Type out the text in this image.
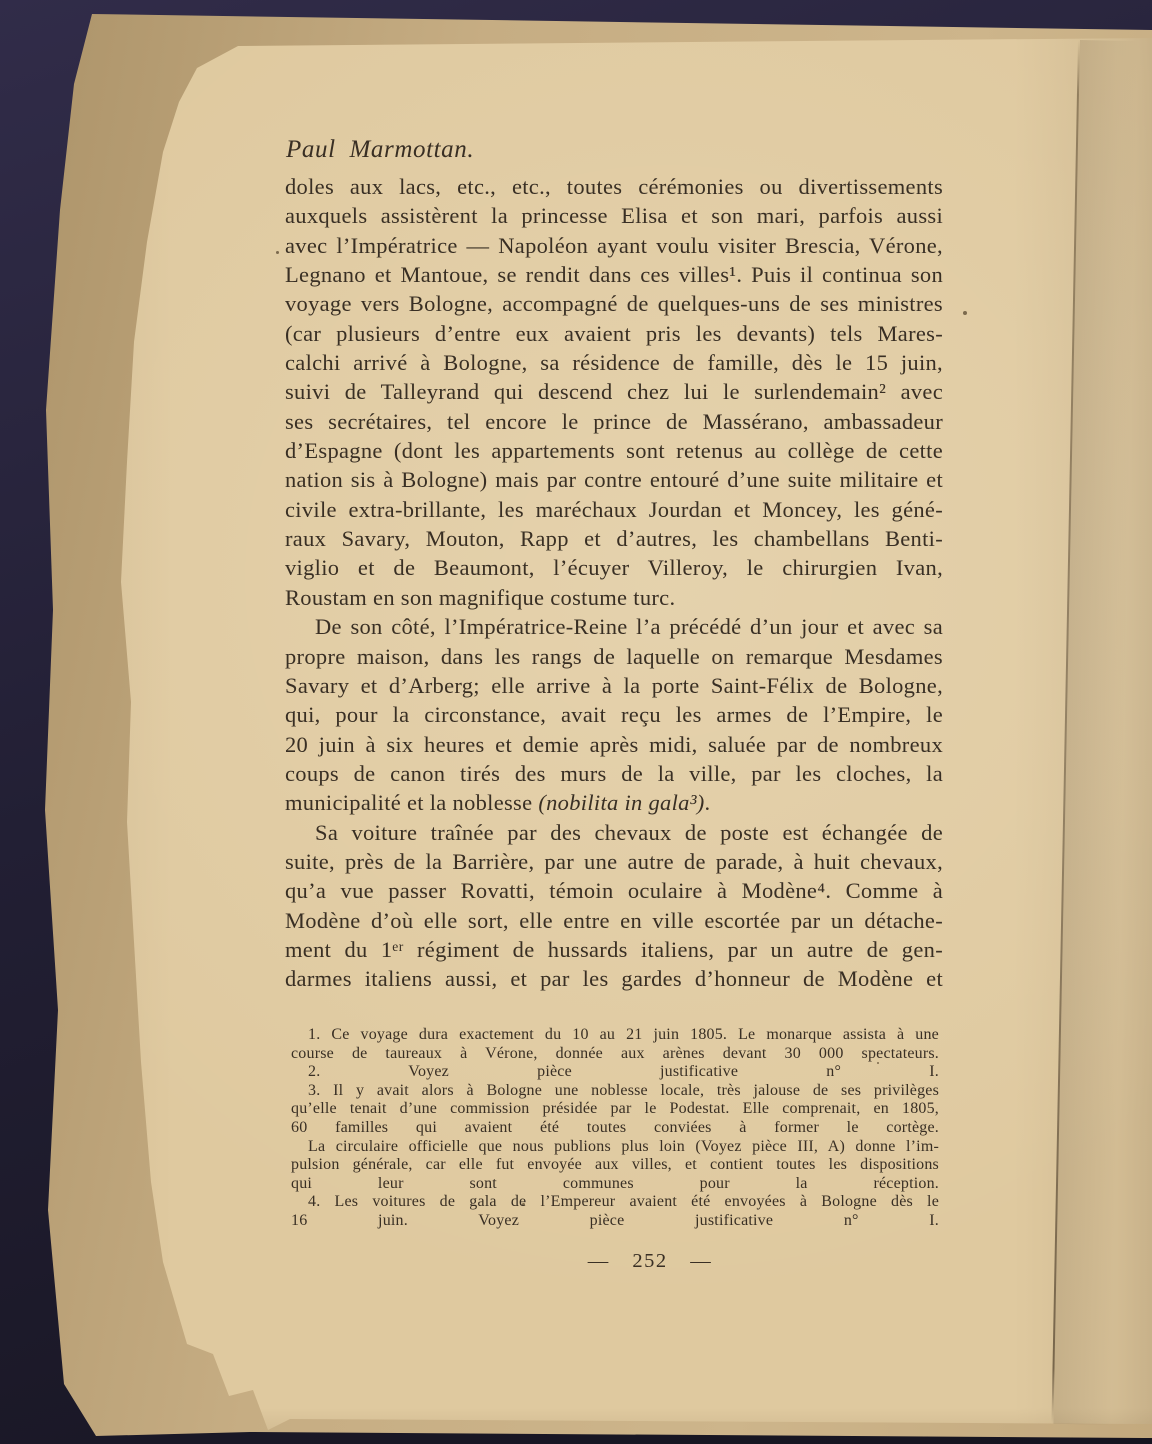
Paul Marmottan.
doles aux lacs, etc., etc., toutes cérémonies ou divertissements
auxquels assistèrent la princesse Elisa et son mari, parfois aussi
avec l’Impératrice — Napoléon ayant voulu visiter Brescia, Vérone,
Legnano et Mantoue, se rendit dans ces villes¹. Puis il continua son
voyage vers Bologne, accompagné de quelques-uns de ses ministres
(car plusieurs d’entre eux avaient pris les devants) tels Mares-
calchi arrivé à Bologne, sa résidence de famille, dès le 15 juin,
suivi de Talleyrand qui descend chez lui le surlendemain² avec
ses secrétaires, tel encore le prince de Massérano, ambassadeur
d’Espagne (dont les appartements sont retenus au collège de cette
nation sis à Bologne) mais par contre entouré d’une suite militaire et
civile extra-brillante, les maréchaux Jourdan et Moncey, les géné-
raux Savary, Mouton, Rapp et d’autres, les chambellans Benti-
viglio et de Beaumont, l’écuyer Villeroy, le chirurgien Ivan,
Roustam en son magnifique costume turc.
De son côté, l’Impératrice-Reine l’a précédé d’un jour et avec sa
propre maison, dans les rangs de laquelle on remarque Mesdames
Savary et d’Arberg; elle arrive à la porte Saint-Félix de Bologne,
qui, pour la circonstance, avait reçu les armes de l’Empire, le
20 juin à six heures et demie après midi, saluée par de nombreux
coups de canon tirés des murs de la ville, par les cloches, la
municipalité et la noblesse (nobilita in gala³).
Sa voiture traînée par des chevaux de poste est échangée de
suite, près de la Barrière, par une autre de parade, à huit chevaux,
qu’a vue passer Rovatti, témoin oculaire à Modène⁴. Comme à
Modène d’où elle sort, elle entre en ville escortée par un détache-
ment du 1ᵉʳ régiment de hussards italiens, par un autre de gen-
darmes italiens aussi, et par les gardes d’honneur de Modène et
1. Ce voyage dura exactement du 10 au 21 juin 1805. Le monarque assista à une
course de taureaux à Vérone, donnée aux arènes devant 30 000 spectateurs.
2. Voyez pièce justificative n° I.
3. Il y avait alors à Bologne une noblesse locale, très jalouse de ses privilèges
qu’elle tenait d’une commission présidée par le Podestat. Elle comprenait, en 1805,
60 familles qui avaient été toutes conviées à former le cortège.
La circulaire officielle que nous publions plus loin (Voyez pièce III, A) donne l’im-
pulsion générale, car elle fut envoyée aux villes, et contient toutes les dispositions
qui leur sont communes pour la réception.
4. Les voitures de gala de l’Empereur avaient été envoyées à Bologne dès le
16 juin. Voyez pièce justificative n° I.
— 252 —
